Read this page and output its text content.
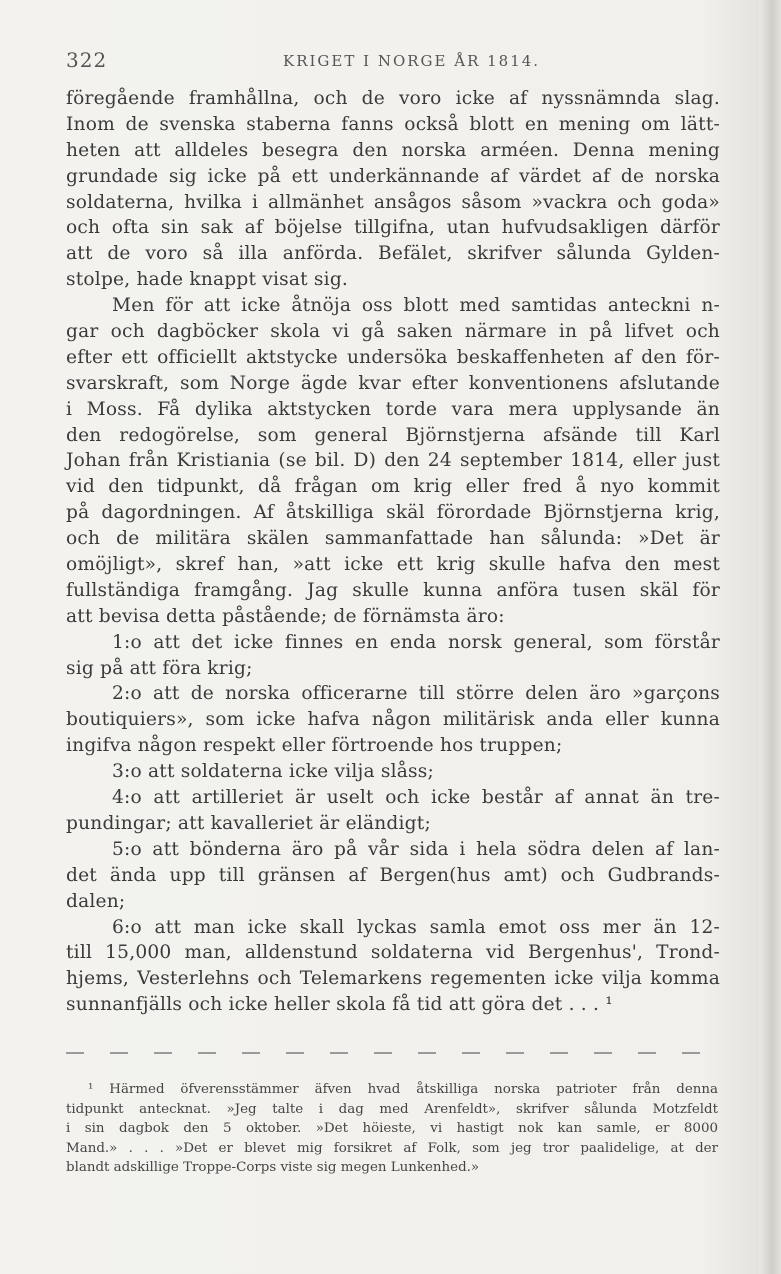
322	KRIGET I NORGE ÅR 1814.
föregående framhållna, och de voro icke af nyssnämnda slag.
Inom de svenska staberna fanns också blott en mening om lätt-
heten att alldeles besegra den norska arméen. Denna mening
grundade sig icke på ett underkännande af värdet af de norska
soldaterna, hvilka i allmänhet ansågos såsom »vackra och goda»
och ofta sin sak af böjelse tillgifna, utan hufvudsakligen därför
att de voro så illa anförda. Befälet, skrifver sålunda Gylden-
stolpe, hade knappt visat sig.
Men för att icke åtnöja oss blott med samtidas anteckni n-
gar och dagböcker skola vi gå saken närmare in på lifvet och
efter ett officiellt aktstycke undersöka beskaffenheten af den för-
svarskraft, som Norge ägde kvar efter konventionens afslutande
i Moss. Få dylika aktstycken torde vara mera upplysande än
den redogörelse, som general Björnstjerna afsände till Karl
Johan från Kristiania (se bil. D) den 24 september 1814, eller just
vid den tidpunkt, då frågan om krig eller fred å nyo kommit
på dagordningen. Af åtskilliga skäl förordade Björnstjerna krig,
och de militära skälen sammanfattade han sålunda: »Det är
omöjligt», skref han, »att icke ett krig skulle hafva den mest
fullständiga framgång. Jag skulle kunna anföra tusen skäl för
att bevisa detta påstående; de förnämsta äro:
1:o att det icke finnes en enda norsk general, som förstår
sig på att föra krig;
2:o att de norska officerarne till större delen äro »garçons
boutiquiers», som icke hafva någon militärisk anda eller kunna
ingifva någon respekt eller förtroende hos truppen;
3:o att soldaterna icke vilja slåss;
4:o att artilleriet är uselt och icke består af annat än tre-
pundingar; att kavalleriet är eländigt;
5:o att bönderna äro på vår sida i hela södra delen af lan-
det ända upp till gränsen af Bergen(hus amt) och Gudbrands-
dalen;
6:o att man icke skall lyckas samla emot oss mer än 12-
till 15,000 man, alldenstund soldaterna vid Bergenhus', Trond-
hjems, Vesterlehns och Telemarkens regementen icke vilja komma
sunnanfjälls och icke heller skola få tid att göra det . . . ¹
¹ Härmed öfverensstämmer äfven hvad åtskilliga norska patrioter från denna
tidpunkt antecknat. »Jeg talte i dag med Arenfeldt», skrifver sålunda Motzfeldt
i sin dagbok den 5 oktober. »Det höieste, vi hastigt nok kan samle, er 8000
Mand.» . . . »Det er blevet mig forsikret af Folk, som jeg tror paalidelige, at der
blandt adskillige Troppe-Corps viste sig megen Lunkenhed.»
